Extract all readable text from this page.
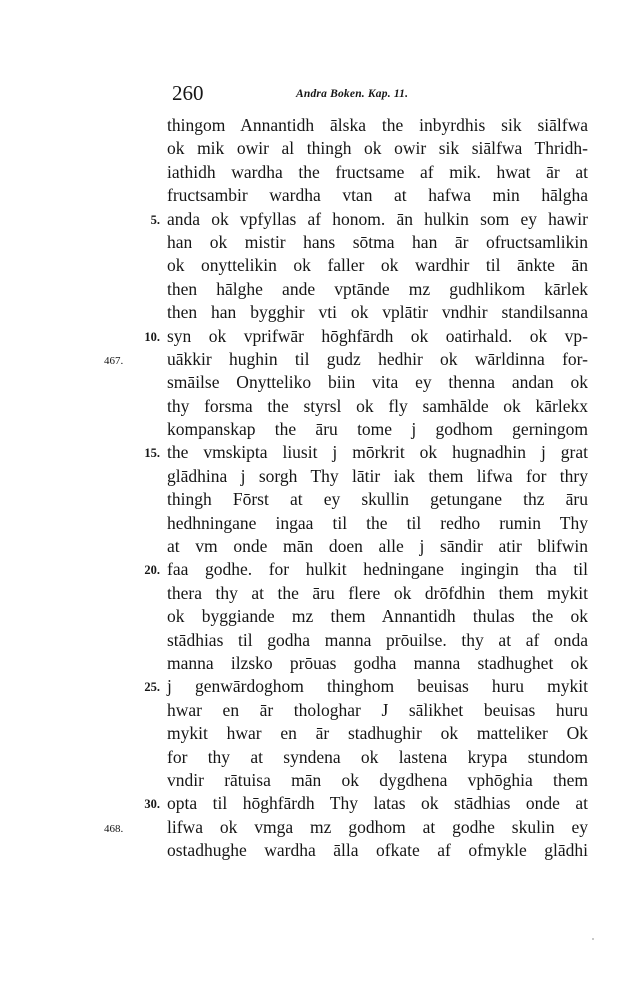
260	Andra Boken. Kap. 11.
thingom Annantidh ālska the inbyrdhis sik siālfwa
ok mik owir al thingh ok owir sik siālfwa Thridh-
iathidh wardha the fructsame af mik. hwat ār at
fructsambir wardha vtan at hafwa min hālgha
5. anda ok vpfyllas af honom. ān hulkin som ey hawir
han ok mistir hans sōtma han ār ofructsamlikin
ok onyttelikin ok faller ok wardhir til ānkte ān
then hālghe ande vptānde mz gudhlikom kārlek
then han bygghir vti ok vplātir vndhir standilsanna
10. syn ok vprifwār hōghfārdh ok oatirhald. ok vp-
467.	uākkir hughin til gudz hedhir ok wārldinna for-
smāilse Onytteliko biin vita ey thenna andan ok
thy forsma the styrsl ok fly samhālde ok kārlekx
kompanskap the āru tome j godhom gerningom
15. the vmskipta liusit j mōrkrit ok hugnadhin j grat
glādhina j sorgh Thy lātir iak them lifwa for thry
thingh Fōrst at ey skullin getungane thz āru
hedhningane ingaa til the til redho rumin Thy
at vm onde mān doen alle j sāndir atir blifwin
20. faa godhe. for hulkit hedningane ingingin tha til
thera thy at the āru flere ok drōfdhin them mykit
ok byggiande mz them Annantidh thulas the ok
stādhias til godha manna prōuilse. thy at af onda
manna ilzsko prōuas godha manna stadhughet ok
25. j genwārdoghom thinghom beuisas huru mykit
hwar en ār thologhar J sālikhet beuisas huru
mykit hwar en ār stadhughir ok matteliker Ok
for thy at syndena ok lastena krypa stundom
vndir rātuisa mān ok dygdhena vphōghia them
30. opta til hōghfārdh Thy latas ok stādhias onde at
468.	lifwa ok vmga mz godhom at godhe skulin ey
ostadhughe wardha ālla ofkate af ofmykle glādhi
